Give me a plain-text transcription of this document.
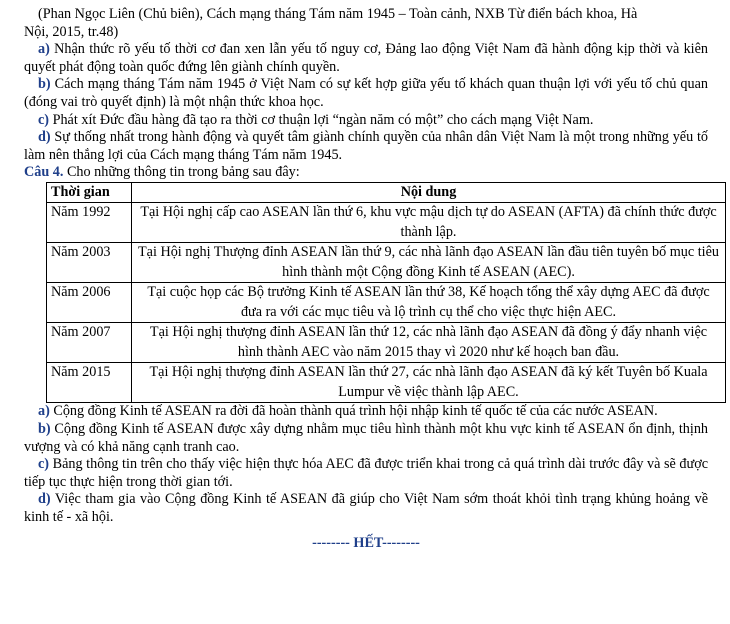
(Phan Ngọc Liên (Chủ biên), Cách mạng tháng Tám năm 1945 – Toàn cảnh, NXB Từ điển bách khoa, Hà
Nội, 2015, tr.48)

a) Nhận thức rõ yếu tố thời cơ đan xen lẫn yếu tố nguy cơ, Đảng lao động Việt Nam đã hành động kịp thời và kiên quyết phát động toàn quốc đứng lên giành chính quyền.

b) Cách mạng tháng Tám năm 1945 ở Việt Nam có sự kết hợp giữa yếu tố khách quan thuận lợi với yếu tố chủ quan (đóng vai trò quyết định) là một nhận thức khoa học.

c) Phát xít Đức đầu hàng đã tạo ra thời cơ thuận lợi “ngàn năm có một” cho cách mạng Việt Nam.

d) Sự thống nhất trong hành động và quyết tâm giành chính quyền của nhân dân Việt Nam là một trong những yếu tố làm nên thắng lợi của Cách mạng tháng Tám năm 1945.

Câu 4. Cho những thông tin trong bảng sau đây:

Thời gian	Nội dung
Năm 1992	Tại Hội nghị cấp cao ASEAN lần thứ 6, khu vực mậu dịch tự do ASEAN (AFTA) đã chính thức được thành lập.
Năm 2003	Tại Hội nghị Thượng đỉnh ASEAN lần thứ 9, các nhà lãnh đạo ASEAN lần đầu tiên tuyên bố mục tiêu hình thành một Cộng đồng Kinh tế ASEAN (AEC).
Năm 2006	Tại cuộc họp các Bộ trưởng Kinh tế ASEAN lần thứ 38, Kế hoạch tổng thể xây dựng AEC đã được đưa ra với các mục tiêu và lộ trình cụ thể cho việc thực hiện AEC.
Năm 2007	Tại Hội nghị thượng đỉnh ASEAN lần thứ 12, các nhà lãnh đạo ASEAN đã đồng ý đẩy nhanh việc hình thành AEC vào năm 2015 thay vì 2020 như kế hoạch ban đầu.
Năm 2015	Tại Hội nghị thượng đỉnh ASEAN lần thứ 27, các nhà lãnh đạo ASEAN đã ký kết Tuyên bố Kuala Lumpur về việc thành lập AEC.

a) Cộng đồng Kinh tế ASEAN ra đời đã hoàn thành quá trình hội nhập kinh tế quốc tế của các nước ASEAN.

b) Cộng đồng Kinh tế ASEAN được xây dựng nhằm mục tiêu hình thành một khu vực kinh tế ASEAN ổn định, thịnh vượng và có khả năng cạnh tranh cao.

c) Bảng thông tin trên cho thấy việc hiện thực hóa AEC đã được triển khai trong cả quá trình dài trước đây và sẽ được tiếp tục thực hiện trong thời gian tới.

d) Việc tham gia vào Cộng đồng Kinh tế ASEAN đã giúp cho Việt Nam sớm thoát khỏi tình trạng khủng hoảng về kinh tế - xã hội.

-------- HẾT--------
